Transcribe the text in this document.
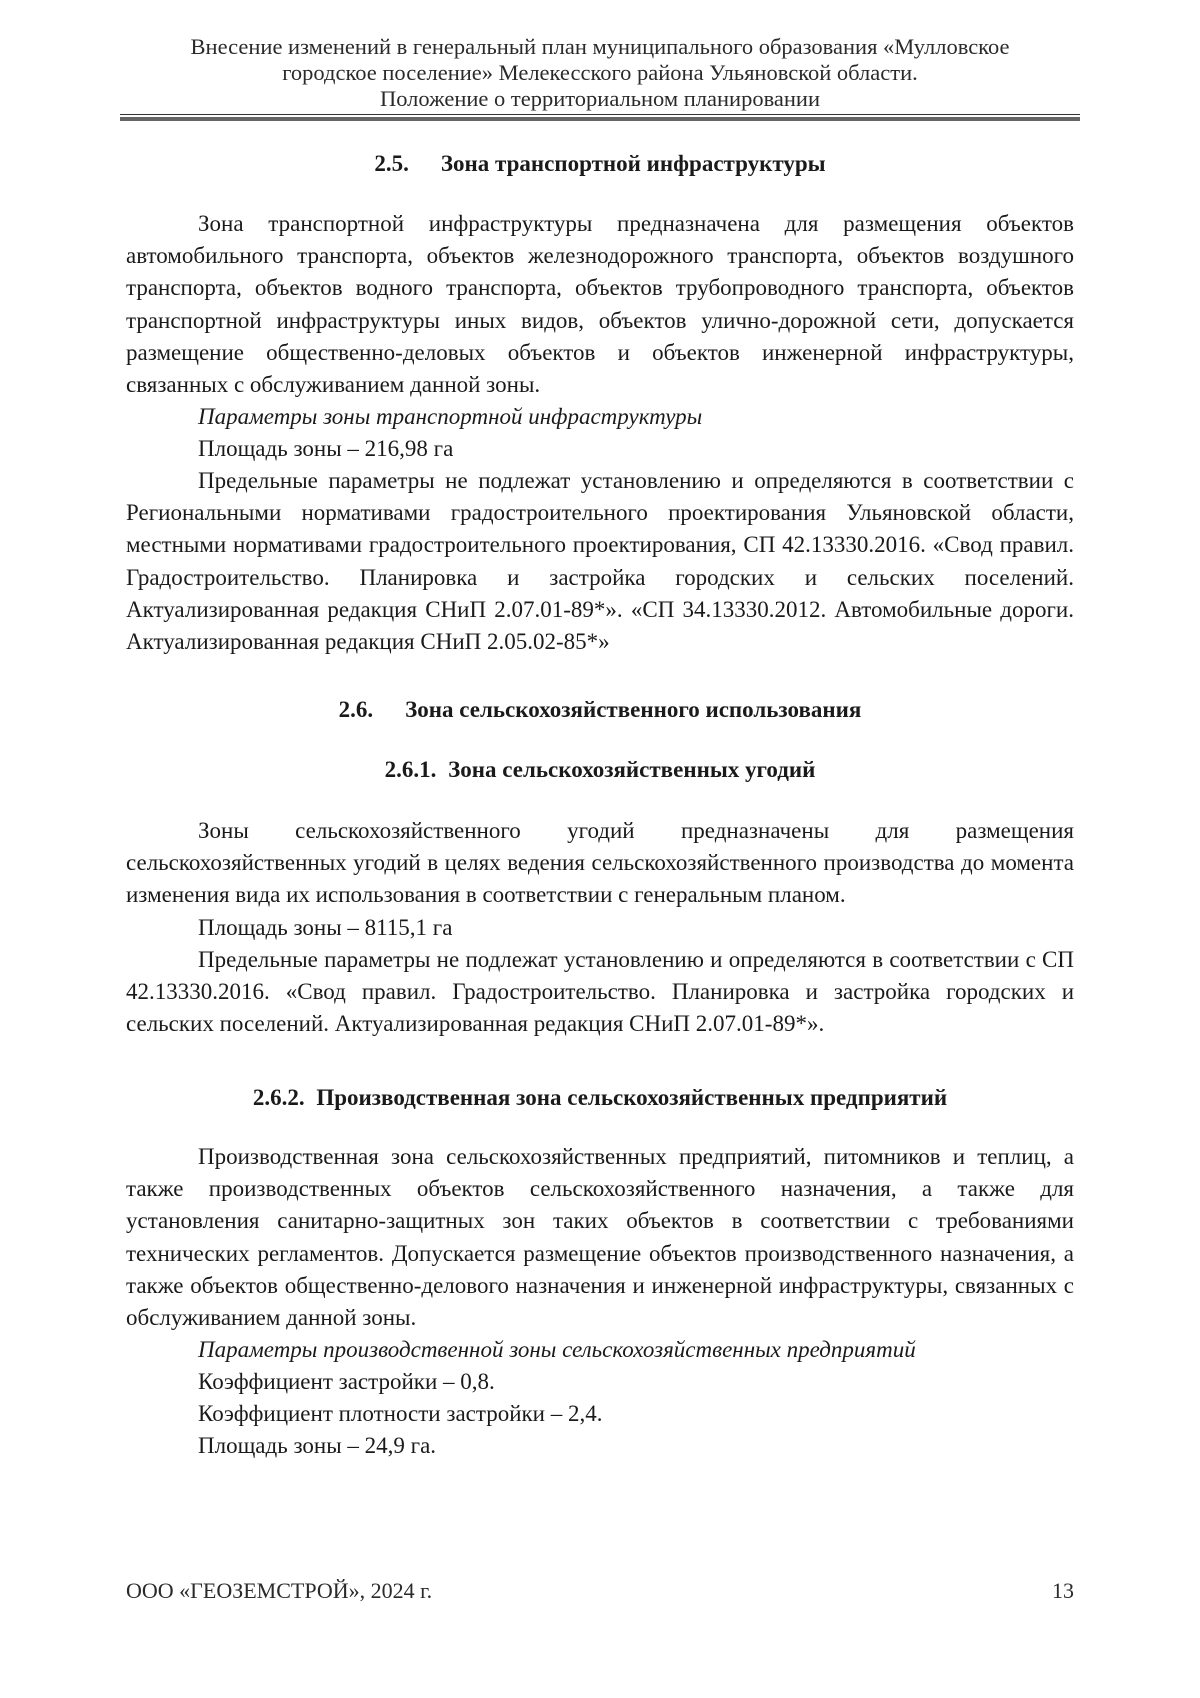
Внесение изменений в генеральный план муниципального образования «Мулловское
городское поселение» Мелекесского района Ульяновской области.
Положение о территориальном планировании
2.5. Зона транспортной инфраструктуры

Зона транспортной инфраструктуры предназначена для размещения объектов автомобильного транспорта, объектов железнодорожного транспорта, объектов воздушного транспорта, объектов водного транспорта, объектов трубопроводного транспорта, объектов транспортной инфраструктуры иных видов, объектов улично-дорожной сети, допускается размещение общественно-деловых объектов и объектов инженерной инфраструктуры, связанных с обслуживанием данной зоны.

Параметры зоны транспортной инфраструктуры
Площадь зоны – 216,98 га

Предельные параметры не подлежат установлению и определяются в соответствии с Региональными нормативами градостроительного проектирования Ульяновской области, местными нормативами градостроительного проектирования, СП 42.13330.2016. «Свод правил. Градостроительство. Планировка и застройка городских и сельских поселений. Актуализированная редакция СНиП 2.07.01-89*». «СП 34.13330.2012. Автомобильные дороги. Актуализированная редакция СНиП 2.05.02-85*»

2.6. Зона сельскохозяйственного использования
2.6.1. Зона сельскохозяйственных угодий

Зоны сельскохозяйственного угодий предназначены для размещения сельскохозяйственных угодий в целях ведения сельскохозяйственного производства до момента изменения вида их использования в соответствии с генеральным планом.

Площадь зоны – 8115,1 га

Предельные параметры не подлежат установлению и определяются в соответствии с СП 42.13330.2016. «Свод правил. Градостроительство. Планировка и застройка городских и сельских поселений. Актуализированная редакция СНиП 2.07.01-89*».

2.6.2. Производственная зона сельскохозяйственных предприятий

Производственная зона сельскохозяйственных предприятий, питомников и теплиц, а также производственных объектов сельскохозяйственного назначения, а также для установления санитарно-защитных зон таких объектов в соответствии с требованиями технических регламентов. Допускается размещение объектов производственного назначения, а также объектов общественно-делового назначения и инженерной инфраструктуры, связанных с обслуживанием данной зоны.

Параметры производственной зоны сельскохозяйственных предприятий
Коэффициент застройки – 0,8.
Коэффициент плотности застройки – 2,4.
Площадь зоны – 24,9 га.
ООО «ГЕОЗЕМСТРОЙ», 2024 г.	13
